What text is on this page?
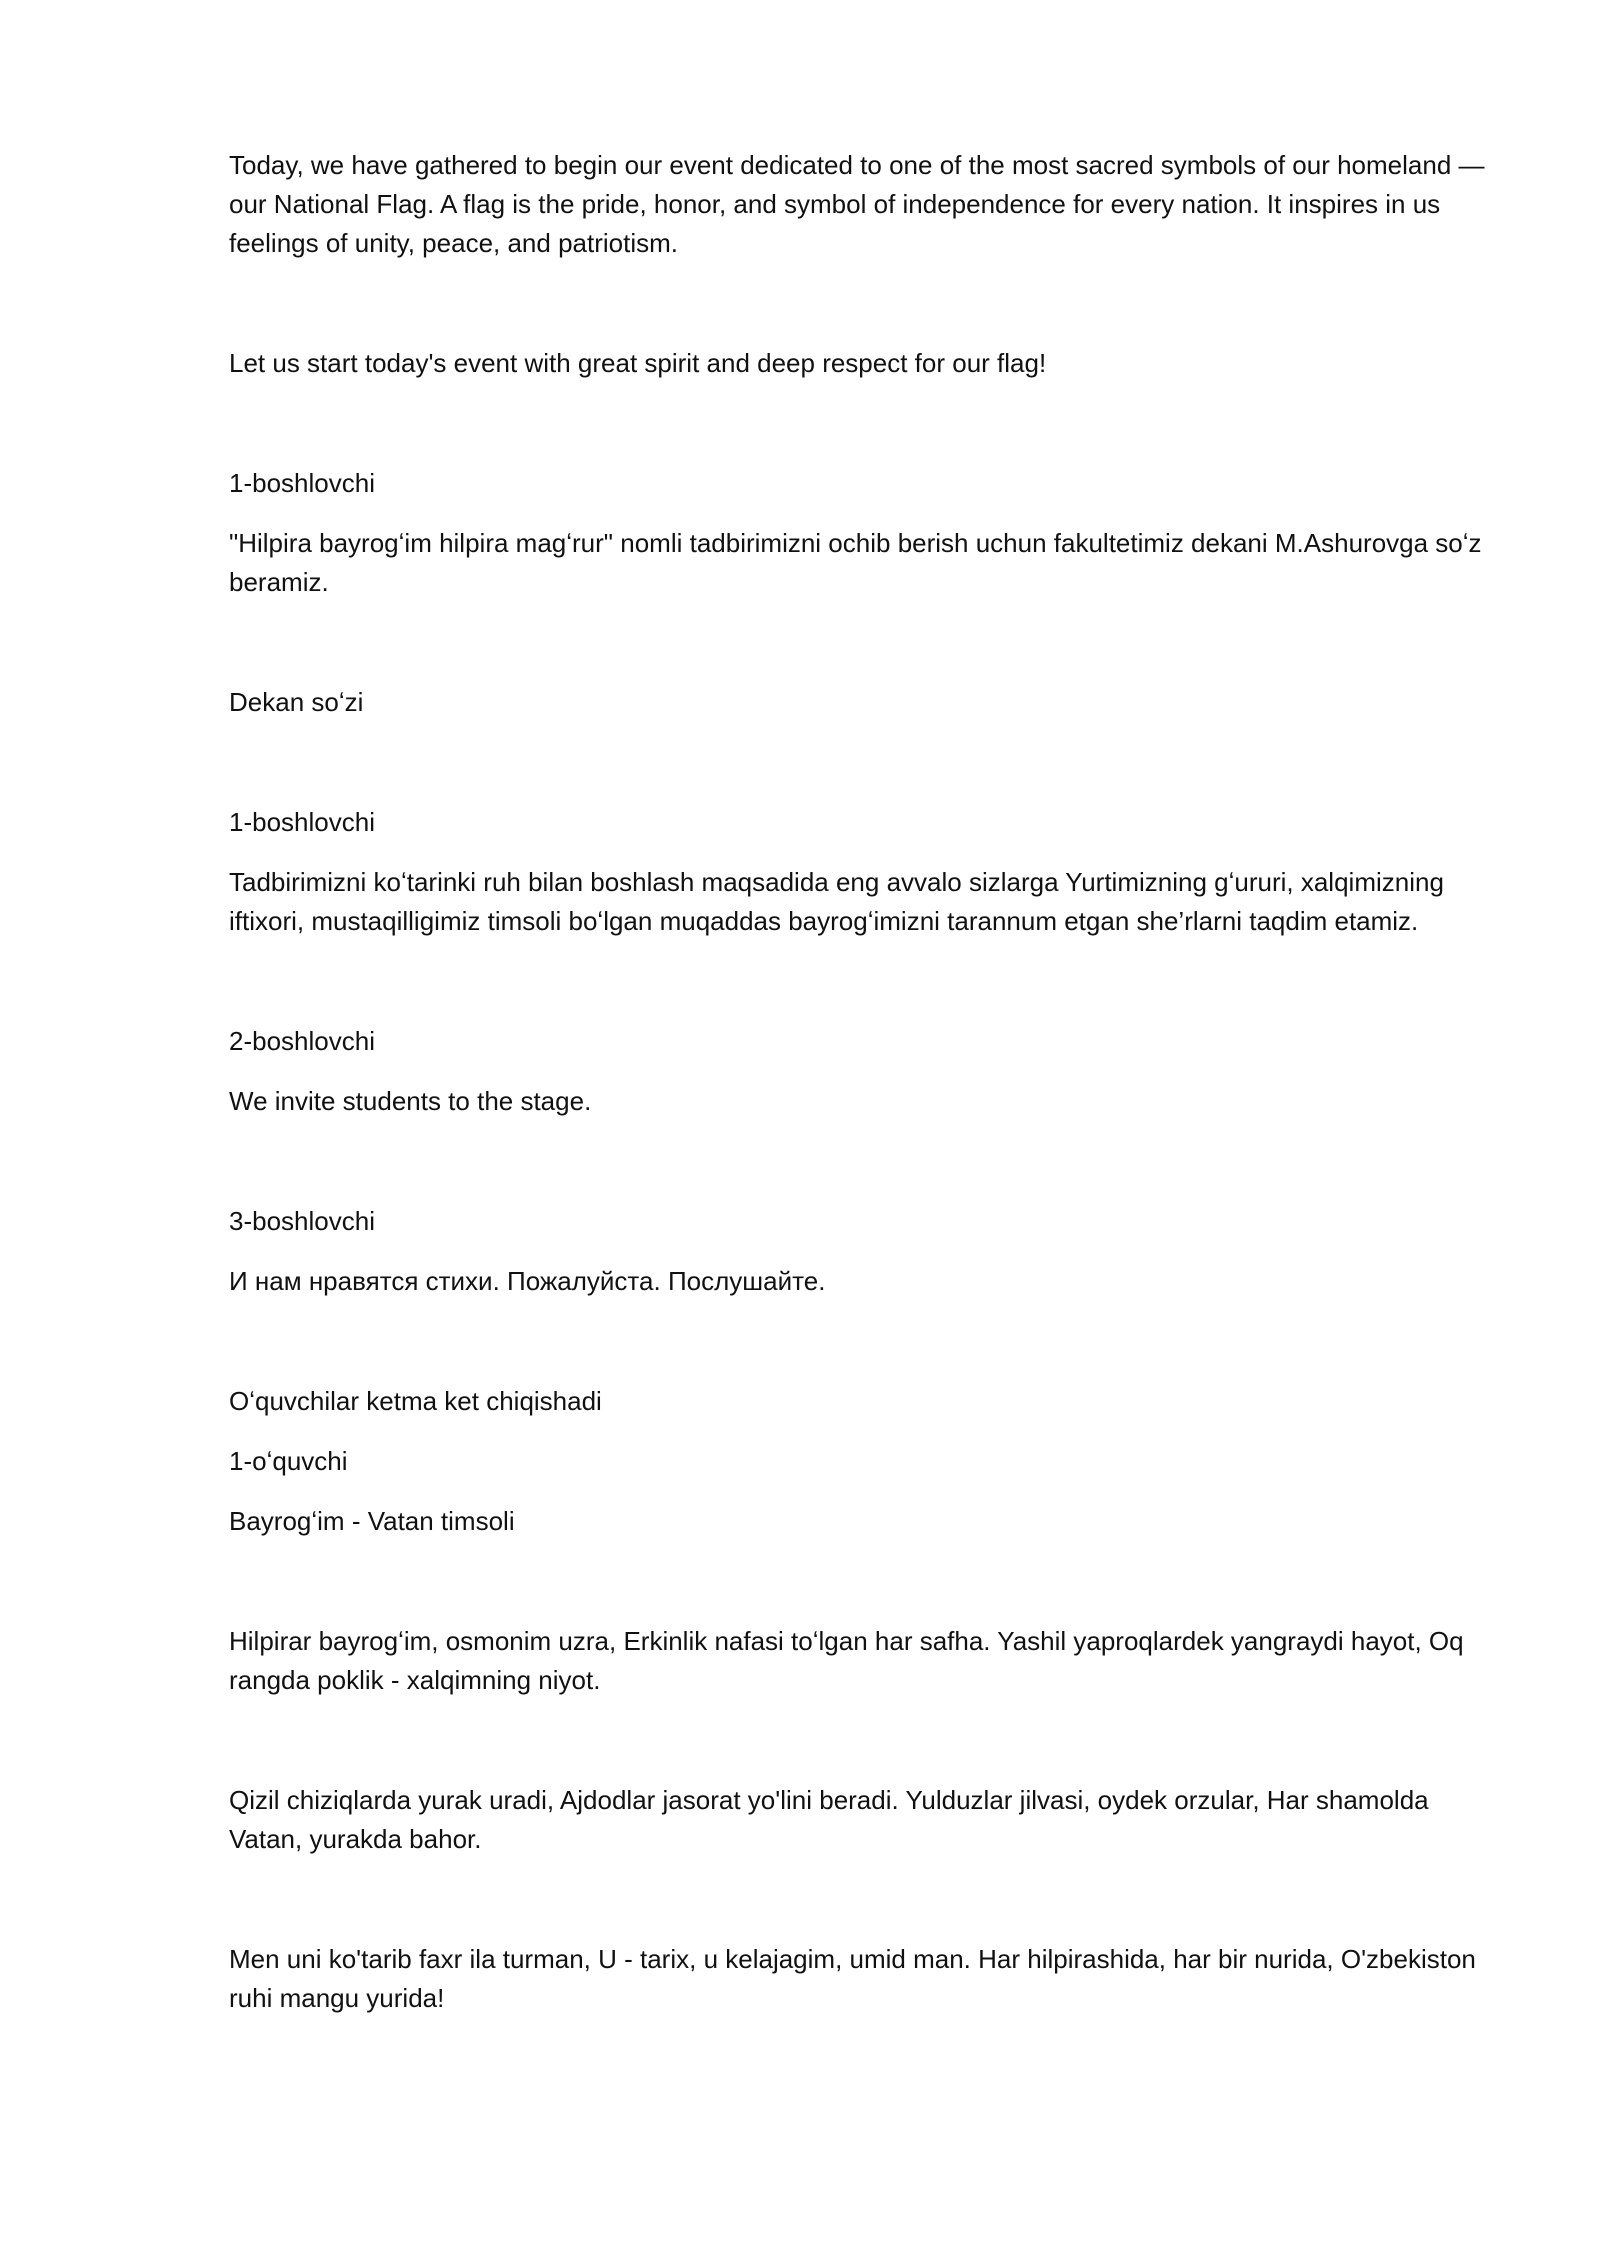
Today, we have gathered to begin our event dedicated to one of the most sacred symbols of our homeland — our National Flag. A flag is the pride, honor, and symbol of independence for every nation. It inspires in us feelings of unity, peace, and patriotism.

Let us start today's event with great spirit and deep respect for our flag!

1-boshlovchi

"Hilpira bayrogʻim hilpira magʻrur" nomli tadbirimizni ochib berish uchun fakultetimiz dekani M.Ashurovga soʻz beramiz.

Dekan soʻzi

1-boshlovchi

Tadbirimizni koʻtarinki ruh bilan boshlash maqsadida eng avvalo sizlarga Yurtimizning gʻururi, xalqimizning iftixori, mustaqilligimiz timsoli boʻlgan muqaddas bayrogʻimizni tarannum etgan she’rlarni taqdim etamiz.

2-boshlovchi

We invite students to the stage.

3-boshlovchi

И нам нравятся стихи. Пожалуйста. Послушайте.

Oʻquvchilar ketma ket chiqishadi

1-oʻquvchi

Bayrogʻim - Vatan timsoli

Hilpirar bayrogʻim, osmonim uzra, Erkinlik nafasi toʻlgan har safha. Yashil yaproqlardek yangraydi hayot, Oq rangda poklik - xalqimning niyot.

Qizil chiziqlarda yurak uradi, Ajdodlar jasorat yo'lini beradi. Yulduzlar jilvasi, oydek orzular, Har shamolda Vatan, yurakda bahor.

Men uni ko'tarib faxr ila turman, U - tarix, u kelajagim, umid man. Har hilpirashida, har bir nurida, O'zbekiston ruhi mangu yurida!
